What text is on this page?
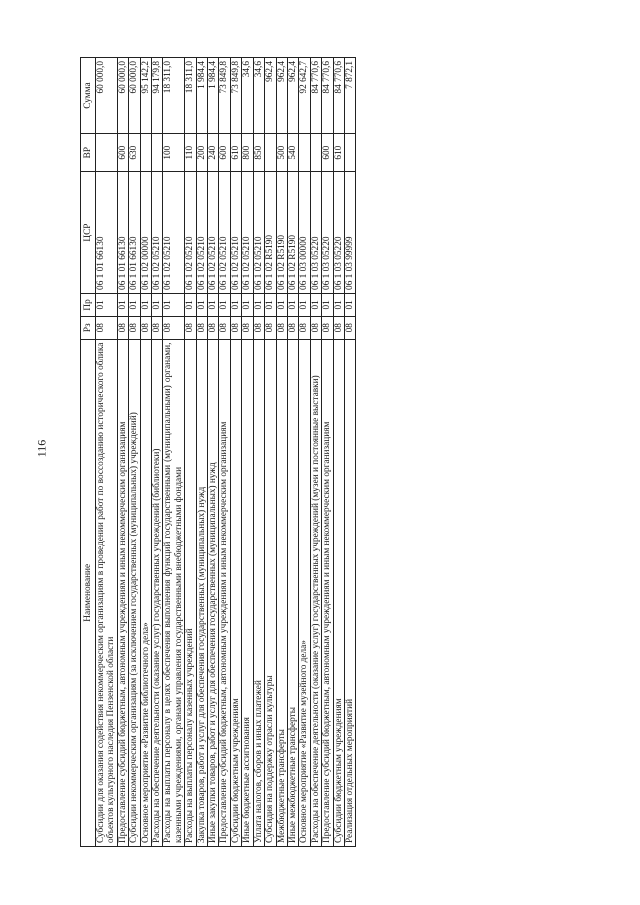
116
Наименование	Рз	Пр	ЦСР	ВР	Сумма
Субсидии для оказания содействия некоммерческим организациям в проведении работ по воссозданию исторического облика объектов культурного наследия Пензенской области	08	01	06 1 01 66130		60 000,0
Предоставление субсидий бюджетным, автономным учреждениям и иным некоммерческим организациям	08	01	06 1 01 66130	600	60 000,0
Субсидии некоммерческим организациям (за исключением государственных (муниципальных) учреждений)	08	01	06 1 01 66130	630	60 000,0
Основное мероприятие «Развитие библиотечного дела»	08	01	06 1 02 00000		95 142,2
Расходы на обеспечение деятельности (оказание услуг) государственных учреждений (библиотеки)	08	01	06 1 02 05210		94 179,8
Расходы на выплаты персоналу в целях обеспечения выполнения функций государственными (муниципальными) органами, казенными учреждениями, органами управления государственными внебюджетными фондами	08	01	06 1 02 05210	100	18 311,0
Расходы на выплаты персоналу казенных учреждений	08	01	06 1 02 05210	110	18 311,0
Закупка товаров, работ и услуг для обеспечения государственных (муниципальных) нужд	08	01	06 1 02 05210	200	1 984,4
Иные закупки товаров, работ и услуг для обеспечения государственных (муниципальных) нужд	08	01	06 1 02 05210	240	1 984,4
Предоставление субсидий бюджетным, автономным учреждениям и иным некоммерческим организациям	08	01	06 1 02 05210	600	73 849,8
Субсидии бюджетным учреждениям	08	01	06 1 02 05210	610	73 849,8
Иные бюджетные ассигнования	08	01	06 1 02 05210	800	34,6
Уплата налогов, сборов и иных платежей	08	01	06 1 02 05210	850	34,6
Субсидия на поддержку отрасли культуры	08	01	06 1 02 R5190		962,4
Межбюджетные трансферты	08	01	06 1 02 R5190	500	962,4
Иные межбюджетные трансферты	08	01	06 1 02 R5190	540	962,4
Основное мероприятие «Развитие музейного дела»	08	01	06 1 03 00000		92 642,7
Расходы на обеспечение деятельности (оказание услуг) государственных учреждений (музеи и постоянные выставки)	08	01	06 1 03 05220		84 770,6
Предоставление субсидий бюджетным, автономным учреждениям и иным некоммерческим организациям	08	01	06 1 03 05220	600	84 770,6
Субсидии бюджетным учреждениям	08	01	06 1 03 05220	610	84 770,6
Реализация отдельных мероприятий	08	01	06 1 03 99999		7 872,1
